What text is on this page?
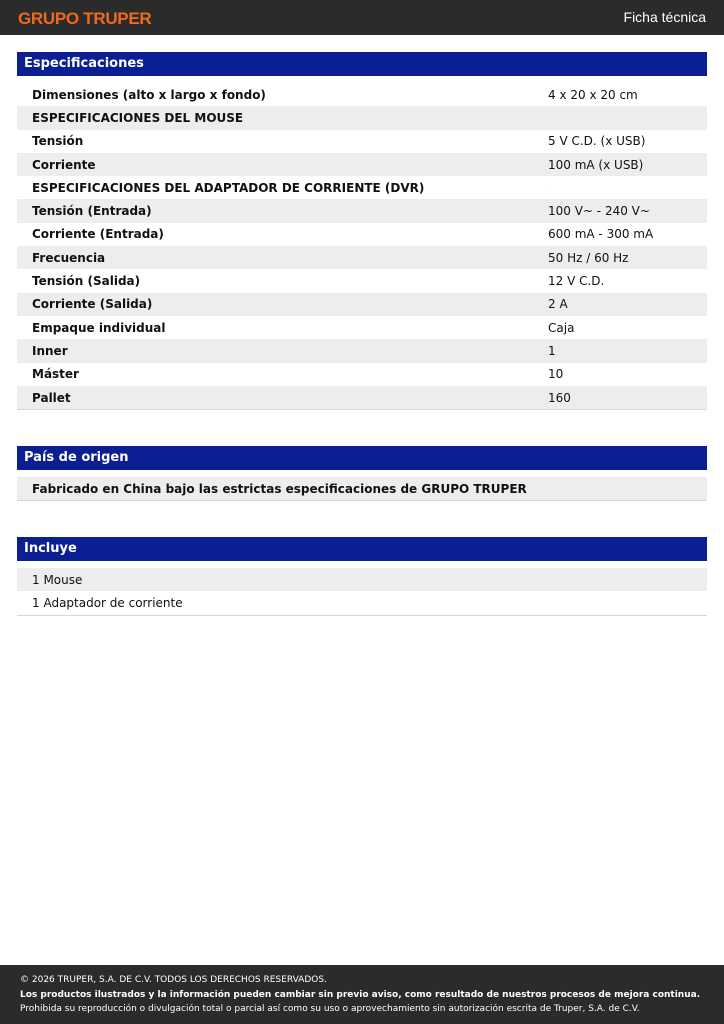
GRUPO TRUPER	Ficha técnica
Especificaciones
Dimensiones (alto x largo x fondo)	4 x 20 x 20 cm
ESPECIFICACIONES DEL MOUSE
Tensión	5 V C.D. (x USB)
Corriente	100 mA (x USB)
ESPECIFICACIONES DEL ADAPTADOR DE CORRIENTE (DVR)	.
Tensión (Entrada)	100 V~ - 240 V~
Corriente (Entrada)	600 mA - 300 mA
Frecuencia	50 Hz / 60 Hz
Tensión (Salida)	12 V C.D.
Corriente (Salida)	2 A
Empaque individual	Caja
Inner	1
Máster	10
Pallet	160
País de origen
Fabricado en China bajo las estrictas especificaciones de GRUPO TRUPER
Incluye
1 Mouse
1 Adaptador de corriente
© 2026 TRUPER, S.A. DE C.V. TODOS LOS DERECHOS RESERVADOS.
Los productos ilustrados y la información pueden cambiar sin previo aviso, como resultado de nuestros procesos de mejora continua.
Prohibida su reproducción o divulgación total o parcial así como su uso o aprovechamiento sin autorización escrita de Truper, S.A. de C.V.
